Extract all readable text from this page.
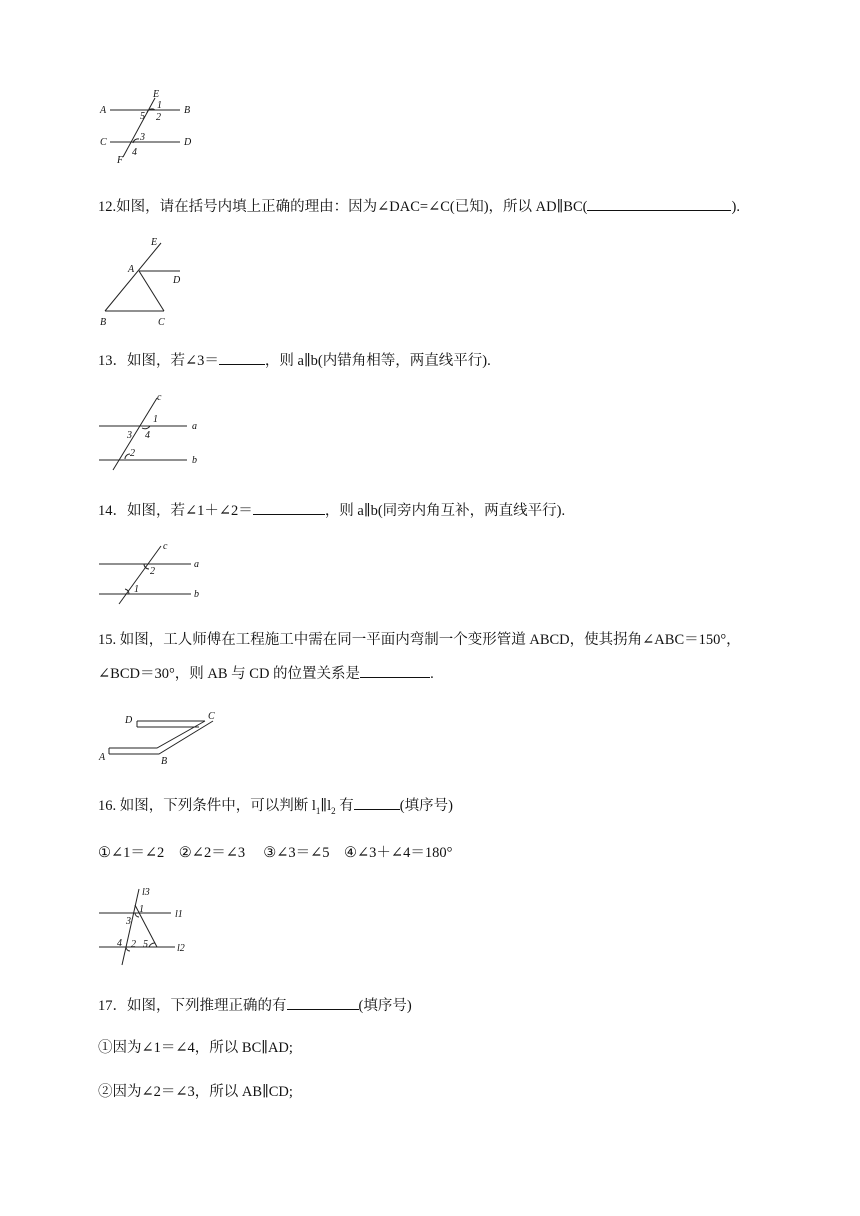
A	B
C	D
E
F
1
2
5
3
4
12.如图，请在括号内填上正确的理由：因为∠DAC=∠C(已知)，所以 AD∥BC(	).
E
A
D
B	C
13．如图，若∠3＝	，则 a∥b(内错角相等，两直线平行).
c
a
b
1
3 4
2
14．如图，若∠1＋∠2＝	，则 a∥b(同旁内角互补，两直线平行).
c
a
b
2
1
15. 如图，工人师傅在工程施工中需在同一平面内弯制一个变形管道 ABCD，使其拐角∠ABC＝150°，
∠BCD＝30°，则 AB 与 CD 的位置关系是	.
A	B
D	C
16. 如图，下列条件中，可以判断 $l_1\parallel l_2$ 有	(填序号)
①∠1＝∠2　②∠2＝∠3　 ③∠3＝∠5　④∠3＋∠4＝180°
l3
l1
l2
1
3
4 2 5
17．如图，下列推理正确的有	(填序号)
①因为∠1＝∠4，所以 BC∥AD;
②因为∠2＝∠3，所以 AB∥CD;
